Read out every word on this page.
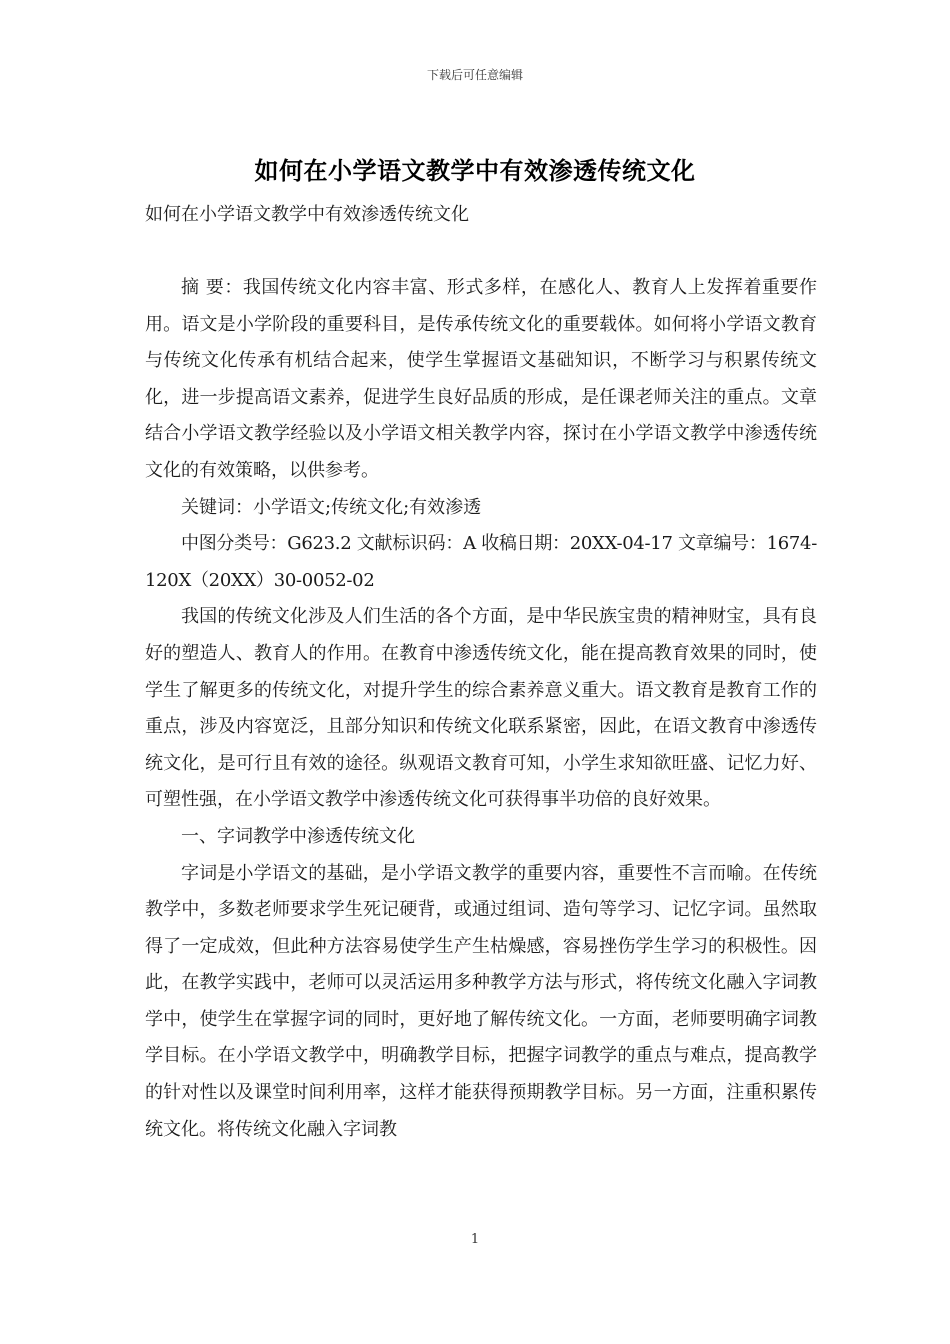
下载后可任意编辑
如何在小学语文教学中有效渗透传统文化
如何在小学语文教学中有效渗透传统文化

摘 要：我国传统文化内容丰富、形式多样，在感化人、教育人上发挥着重要作用。语文是小学阶段的重要科目，是传承传统文化的重要载体。如何将小学语文教育与传统文化传承有机结合起来，使学生掌握语文基础知识，不断学习与积累传统文化，进一步提高语文素养，促进学生良好品质的形成，是任课老师关注的重点。文章结合小学语文教学经验以及小学语文相关教学内容，探讨在小学语文教学中渗透传统文化的有效策略，以供参考。

关键词：小学语文;传统文化;有效渗透

中图分类号：G623.2 文献标识码：A 收稿日期：20XX-04-17 文章编号：1674-120X（20XX）30-0052-02

我国的传统文化涉及人们生活的各个方面，是中华民族宝贵的精神财宝，具有良好的塑造人、教育人的作用。在教育中渗透传统文化，能在提高教育效果的同时，使学生了解更多的传统文化，对提升学生的综合素养意义重大。语文教育是教育工作的重点，涉及内容宽泛，且部分知识和传统文化联系紧密，因此，在语文教育中渗透传统文化，是可行且有效的途径。纵观语文教育可知，小学生求知欲旺盛、记忆力好、可塑性强，在小学语文教学中渗透传统文化可获得事半功倍的良好效果。

一、字词教学中渗透传统文化

字词是小学语文的基础，是小学语文教学的重要内容，重要性不言而喻。在传统教学中，多数老师要求学生死记硬背，或通过组词、造句等学习、记忆字词。虽然取得了一定成效，但此种方法容易使学生产生枯燥感，容易挫伤学生学习的积极性。因此，在教学实践中，老师可以灵活运用多种教学方法与形式，将传统文化融入字词教学中，使学生在掌握字词的同时，更好地了解传统文化。一方面，老师要明确字词教学目标。在小学语文教学中，明确教学目标，把握字词教学的重点与难点，提高教学的针对性以及课堂时间利用率，这样才能获得预期教学目标。另一方面，注重积累传统文化。将传统文化融入字词教

1
